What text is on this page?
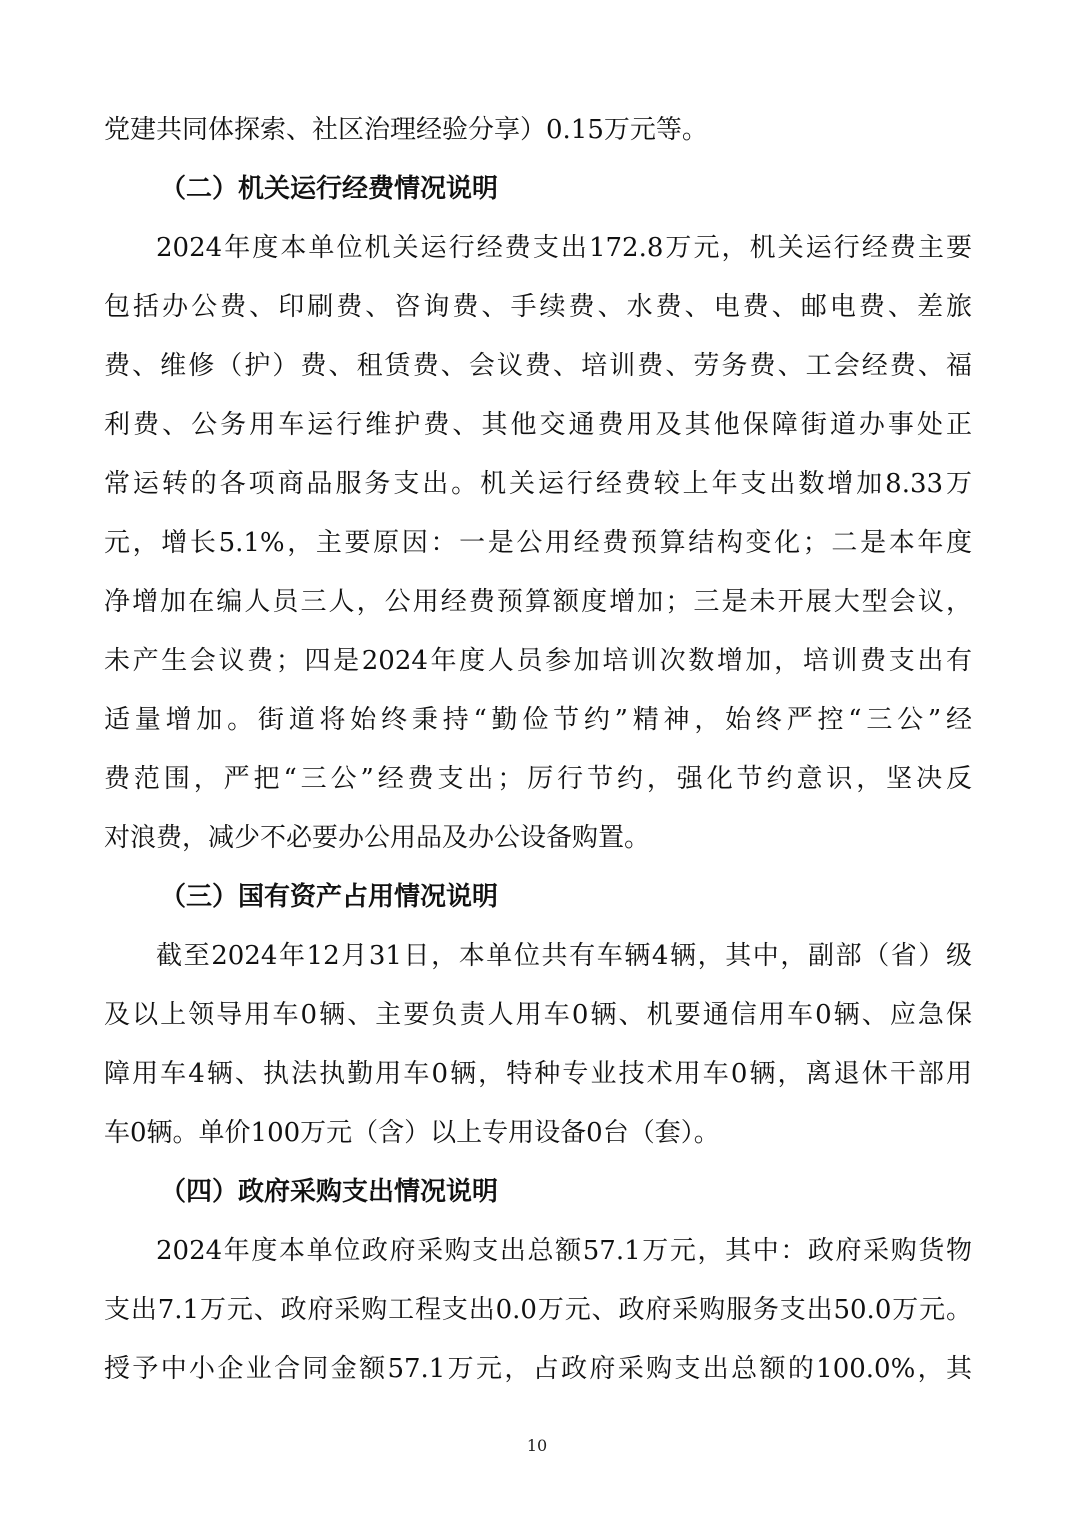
党建共同体探索、社区治理经验分享）0.15万元等。
（二）机关运行经费情况说明
2024年度本单位机关运行经费支出172.8万元，机关运行经费主要
包括办公费、印刷费、咨询费、手续费、水费、电费、邮电费、差旅
费、维修（护）费、租赁费、会议费、培训费、劳务费、工会经费、福
利费、公务用车运行维护费、其他交通费用及其他保障街道办事处正
常运转的各项商品服务支出。机关运行经费较上年支出数增加8.33万
元，增长5.1%，主要原因：一是公用经费预算结构变化；二是本年度
净增加在编人员三人，公用经费预算额度增加；三是未开展大型会议，
未产生会议费；四是2024年度人员参加培训次数增加，培训费支出有
适量增加。街道将始终秉持“勤俭节约”精神，始终严控“三公”经
费范围，严把“三公”经费支出；厉行节约，强化节约意识，坚决反
对浪费，减少不必要办公用品及办公设备购置。
（三）国有资产占用情况说明
截至2024年12月31日，本单位共有车辆4辆，其中，副部（省）级
及以上领导用车0辆、主要负责人用车0辆、机要通信用车0辆、应急保
障用车4辆、执法执勤用车0辆，特种专业技术用车0辆，离退休干部用
车0辆。单价100万元（含）以上专用设备0台（套）。
（四）政府采购支出情况说明
2024年度本单位政府采购支出总额57.1万元，其中：政府采购货物
支出7.1万元、政府采购工程支出0.0万元、政府采购服务支出50.0万元。
授予中小企业合同金额57.1万元，占政府采购支出总额的100.0%，其
10
